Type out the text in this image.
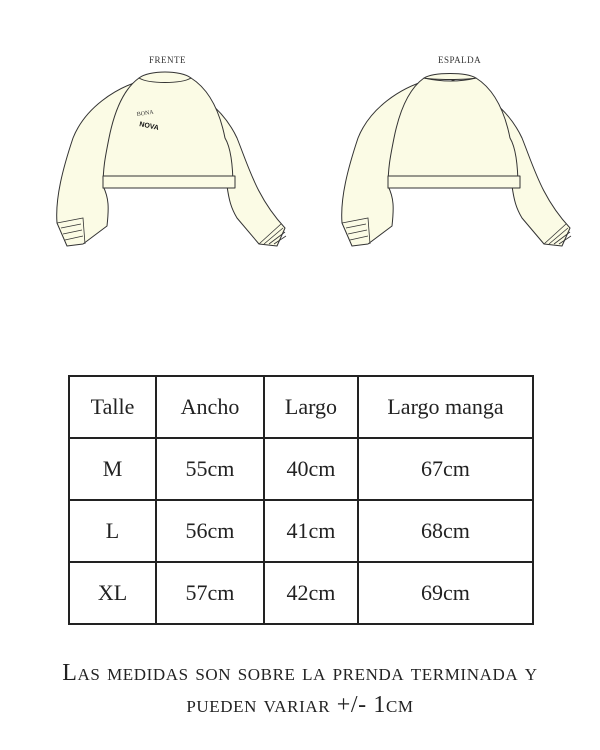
FRENTE
BONA
NOVA
ESPALDA
Talle	Ancho	Largo	Largo manga
M	55cm	40cm	67cm
L	56cm	41cm	68cm
XL	57cm	42cm	69cm
Las medidas son sobre la prenda terminada y
pueden variar +/- 1cm
